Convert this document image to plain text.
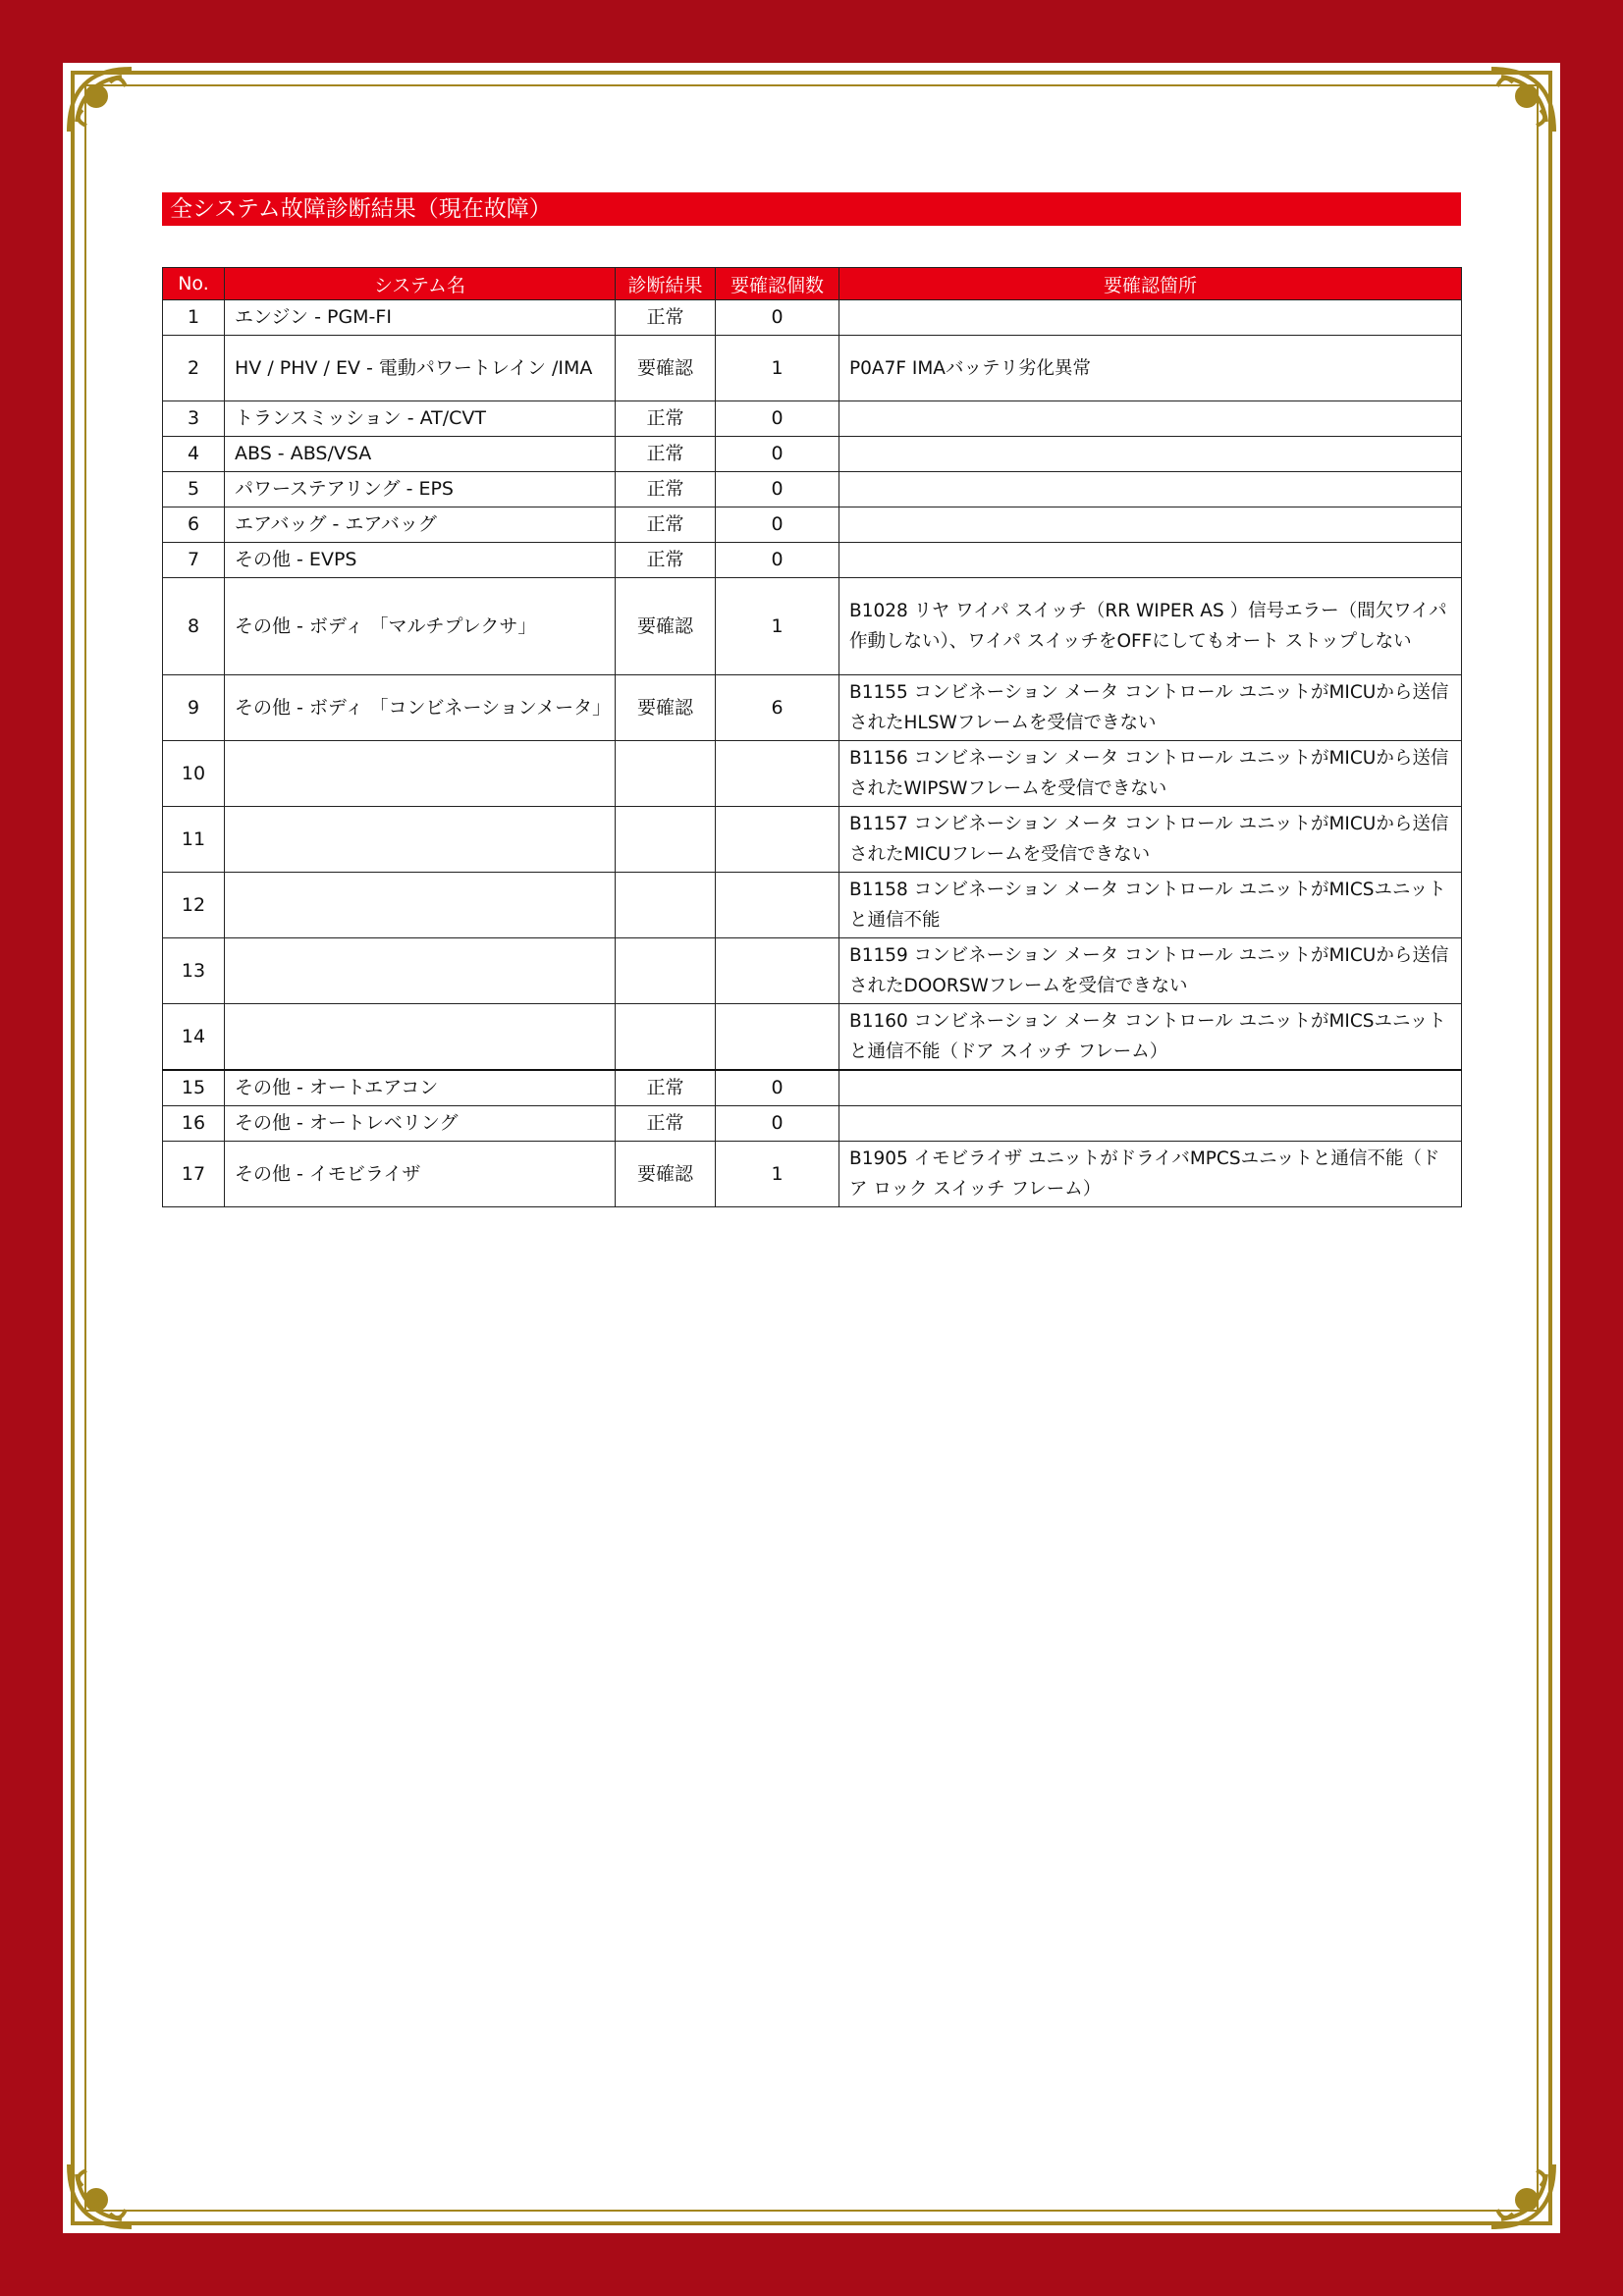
全システム故障診断結果（現在故障）
No.	システム名	診断結果	要確認個数	要確認箇所
1	エンジン - PGM-FI	正常	0	
2	HV / PHV / EV - 電動パワートレイン /IMA	要確認	1	P0A7F IMAバッテリ劣化異常
3	トランスミッション - AT/CVT	正常	0	
4	ABS - ABS/VSA	正常	0	
5	パワーステアリング - EPS	正常	0	
6	エアバッグ - エアバッグ	正常	0	
7	その他 - EVPS	正常	0	
8	その他 - ボディ 「マルチプレクサ」	要確認	1	B1028 リヤ ワイパ スイッチ（RR WIPER AS ）信号エラー（間欠ワイパ作動しない）、ワイパ スイッチをOFFにしてもオート ストップしない
9	その他 - ボディ 「コンビネーションメータ」	要確認	6	B1155 コンビネーション メータ コントロール ユニットがMICUから送信されたHLSWフレームを受信できない
10				B1156 コンビネーション メータ コントロール ユニットがMICUから送信されたWIPSWフレームを受信できない
11				B1157 コンビネーション メータ コントロール ユニットがMICUから送信されたMICUフレームを受信できない
12				B1158 コンビネーション メータ コントロール ユニットがMICSユニットと通信不能
13				B1159 コンビネーション メータ コントロール ユニットがMICUから送信されたDOORSWフレームを受信できない
14				B1160 コンビネーション メータ コントロール ユニットがMICSユニットと通信不能（ドア スイッチ フレーム）
15	その他 - オートエアコン	正常	0	
16	その他 - オートレベリング	正常	0	
17	その他 - イモビライザ	要確認	1	B1905 イモビライザ ユニットがドライバMPCSユニットと通信不能（ドア ロック スイッチ フレーム）
